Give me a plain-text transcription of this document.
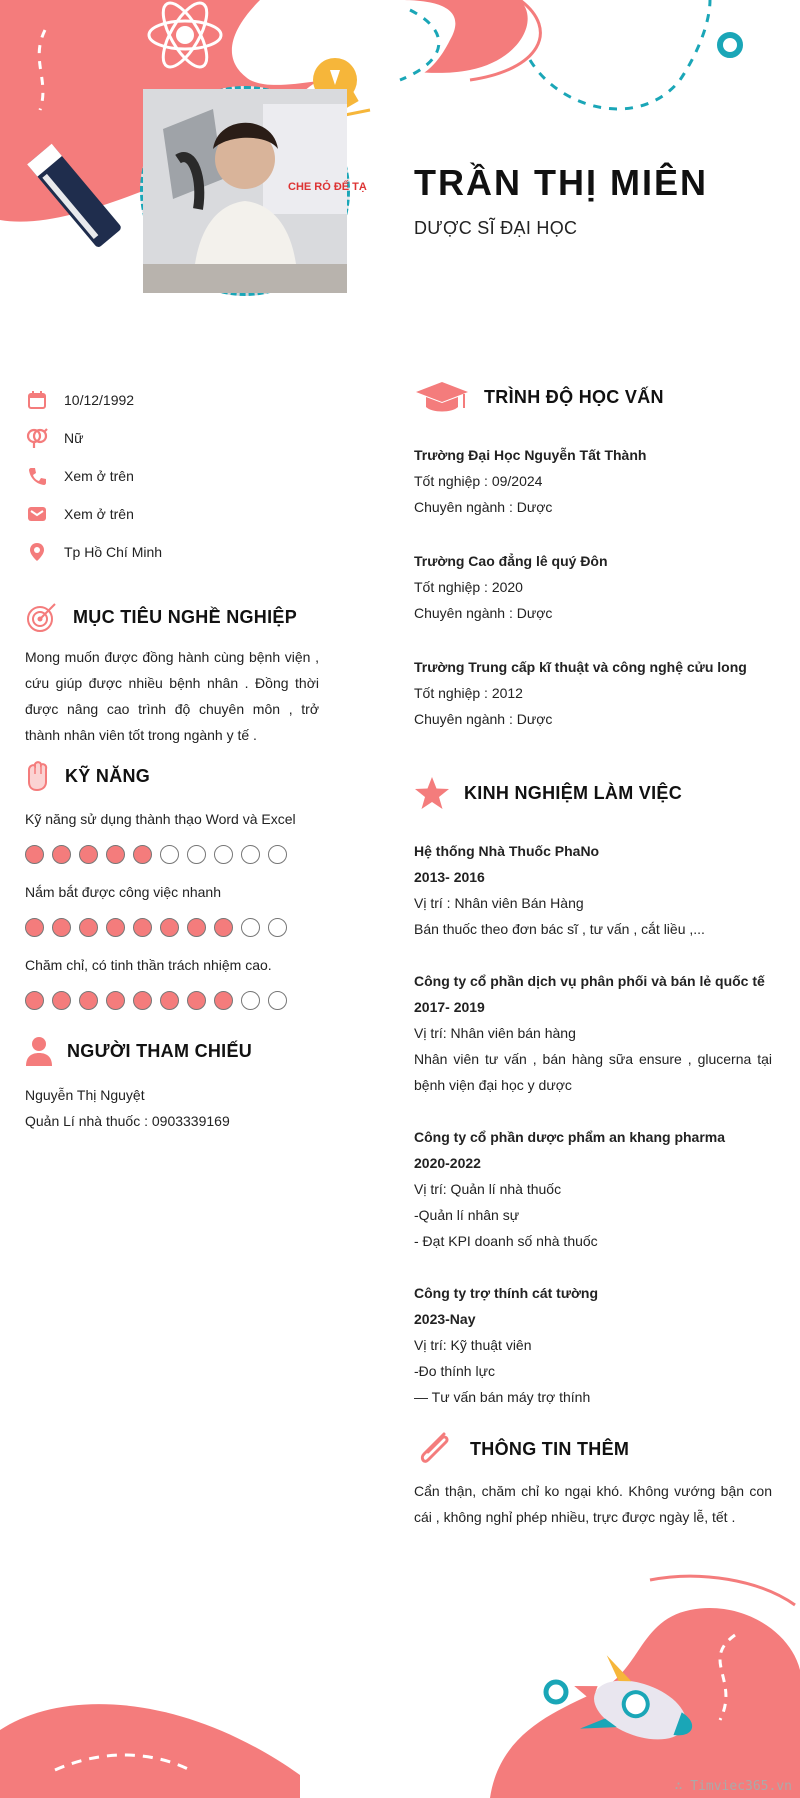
CHE RỎ ĐẾ TẠ TRẦN THỊ MIÊN
DƯỢC SĨ ĐẠI HỌC
10/12/1992
Nữ
Xem ở trên
Xem ở trên
Tp Hồ Chí Minh
MỤC TIÊU NGHỀ NGHIỆP
Mong muốn được đồng hành cùng bệnh viện , cứu giúp được nhiều bệnh nhân . Đồng thời được nâng cao trình độ chuyên môn , trở thành nhân viên tốt trong ngành y tế .
KỸ NĂNG
Kỹ năng sử dụng thành thạo Word và Excel
Nắm bắt được công việc nhanh
Chăm chỉ, có tinh thần trách nhiệm cao.
NGƯỜI THAM CHIẾU
Nguyễn Thị Nguyệt
Quản Lí nhà thuốc : 0903339169
TRÌNH ĐỘ HỌC VẤN
Trường Đại Học Nguyễn Tất Thành
Tốt nghiệp : 09/2024
Chuyên ngành : Dược
Trường Cao đẳng lê quý Đôn
Tốt nghiệp : 2020
Chuyên ngành : Dược
Trường Trung cấp kĩ thuật và công nghệ cửu long
Tốt nghiệp : 2012
Chuyên ngành : Dược
KINH NGHIỆM LÀM VIỆC
Hệ thống Nhà Thuốc PhaNo
2013- 2016
Vị trí : Nhân viên Bán Hàng
Bán thuốc theo đơn bác sĩ , tư vấn , cắt liều ,...
Công ty cổ phần dịch vụ phân phối và bán lẻ quốc tế
2017- 2019
Vị trí: Nhân viên bán hàng
Nhân viên tư vấn , bán hàng sữa ensure , glucerna tại bệnh viện đại học y dược
Công ty cổ phần dược phẩm an khang pharma
2020-2022
Vị trí: Quản lí nhà thuốc
-Quản lí nhân sự
- Đạt KPI doanh số nhà thuốc
Công ty trợ thính cát tường
2023-Nay
Vị trí: Kỹ thuật viên
-Đo thính lực
— Tư vấn bán máy trợ thính
THÔNG TIN THÊM
Cẩn thận, chăm chỉ ko ngại khó. Không vướng bận con cái , không nghỉ phép nhiều, trực được ngày lễ, tết .
∴ Timviec365.vn
